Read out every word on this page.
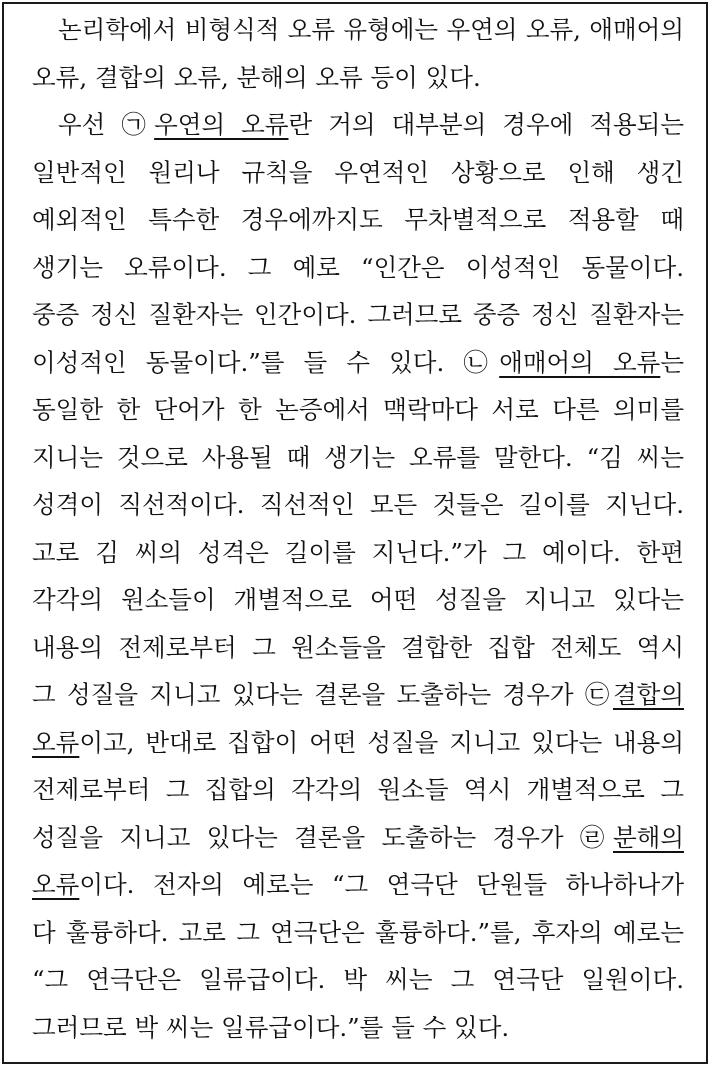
논리학에서 비형식적 오류 유형에는 우연의 오류, 애매어의
오류, 결합의 오류, 분해의 오류 등이 있다.
우선 ㉠우연의 오류란 거의 대부분의 경우에 적용되는
일반적인 원리나 규칙을 우연적인 상황으로 인해 생긴
예외적인 특수한 경우에까지도 무차별적으로 적용할 때
생기는 오류이다. 그 예로 “인간은 이성적인 동물이다.
중증 정신 질환자는 인간이다. 그러므로 중증 정신 질환자는
이성적인 동물이다.”를 들 수 있다. ㉡애매어의 오류는
동일한 한 단어가 한 논증에서 맥락마다 서로 다른 의미를
지니는 것으로 사용될 때 생기는 오류를 말한다. “김 씨는
성격이 직선적이다. 직선적인 모든 것들은 길이를 지닌다.
고로 김 씨의 성격은 길이를 지닌다.”가 그 예이다. 한편
각각의 원소들이 개별적으로 어떤 성질을 지니고 있다는
내용의 전제로부터 그 원소들을 결합한 집합 전체도 역시
그 성질을 지니고 있다는 결론을 도출하는 경우가 ㉢결합의
오류이고, 반대로 집합이 어떤 성질을 지니고 있다는 내용의
전제로부터 그 집합의 각각의 원소들 역시 개별적으로 그
성질을 지니고 있다는 결론을 도출하는 경우가 ㉣분해의
오류이다. 전자의 예로는 “그 연극단 단원들 하나하나가
다 훌륭하다. 고로 그 연극단은 훌륭하다.”를, 후자의 예로는
“그 연극단은 일류급이다. 박 씨는 그 연극단 일원이다.
그러므로 박 씨는 일류급이다.”를 들 수 있다.
